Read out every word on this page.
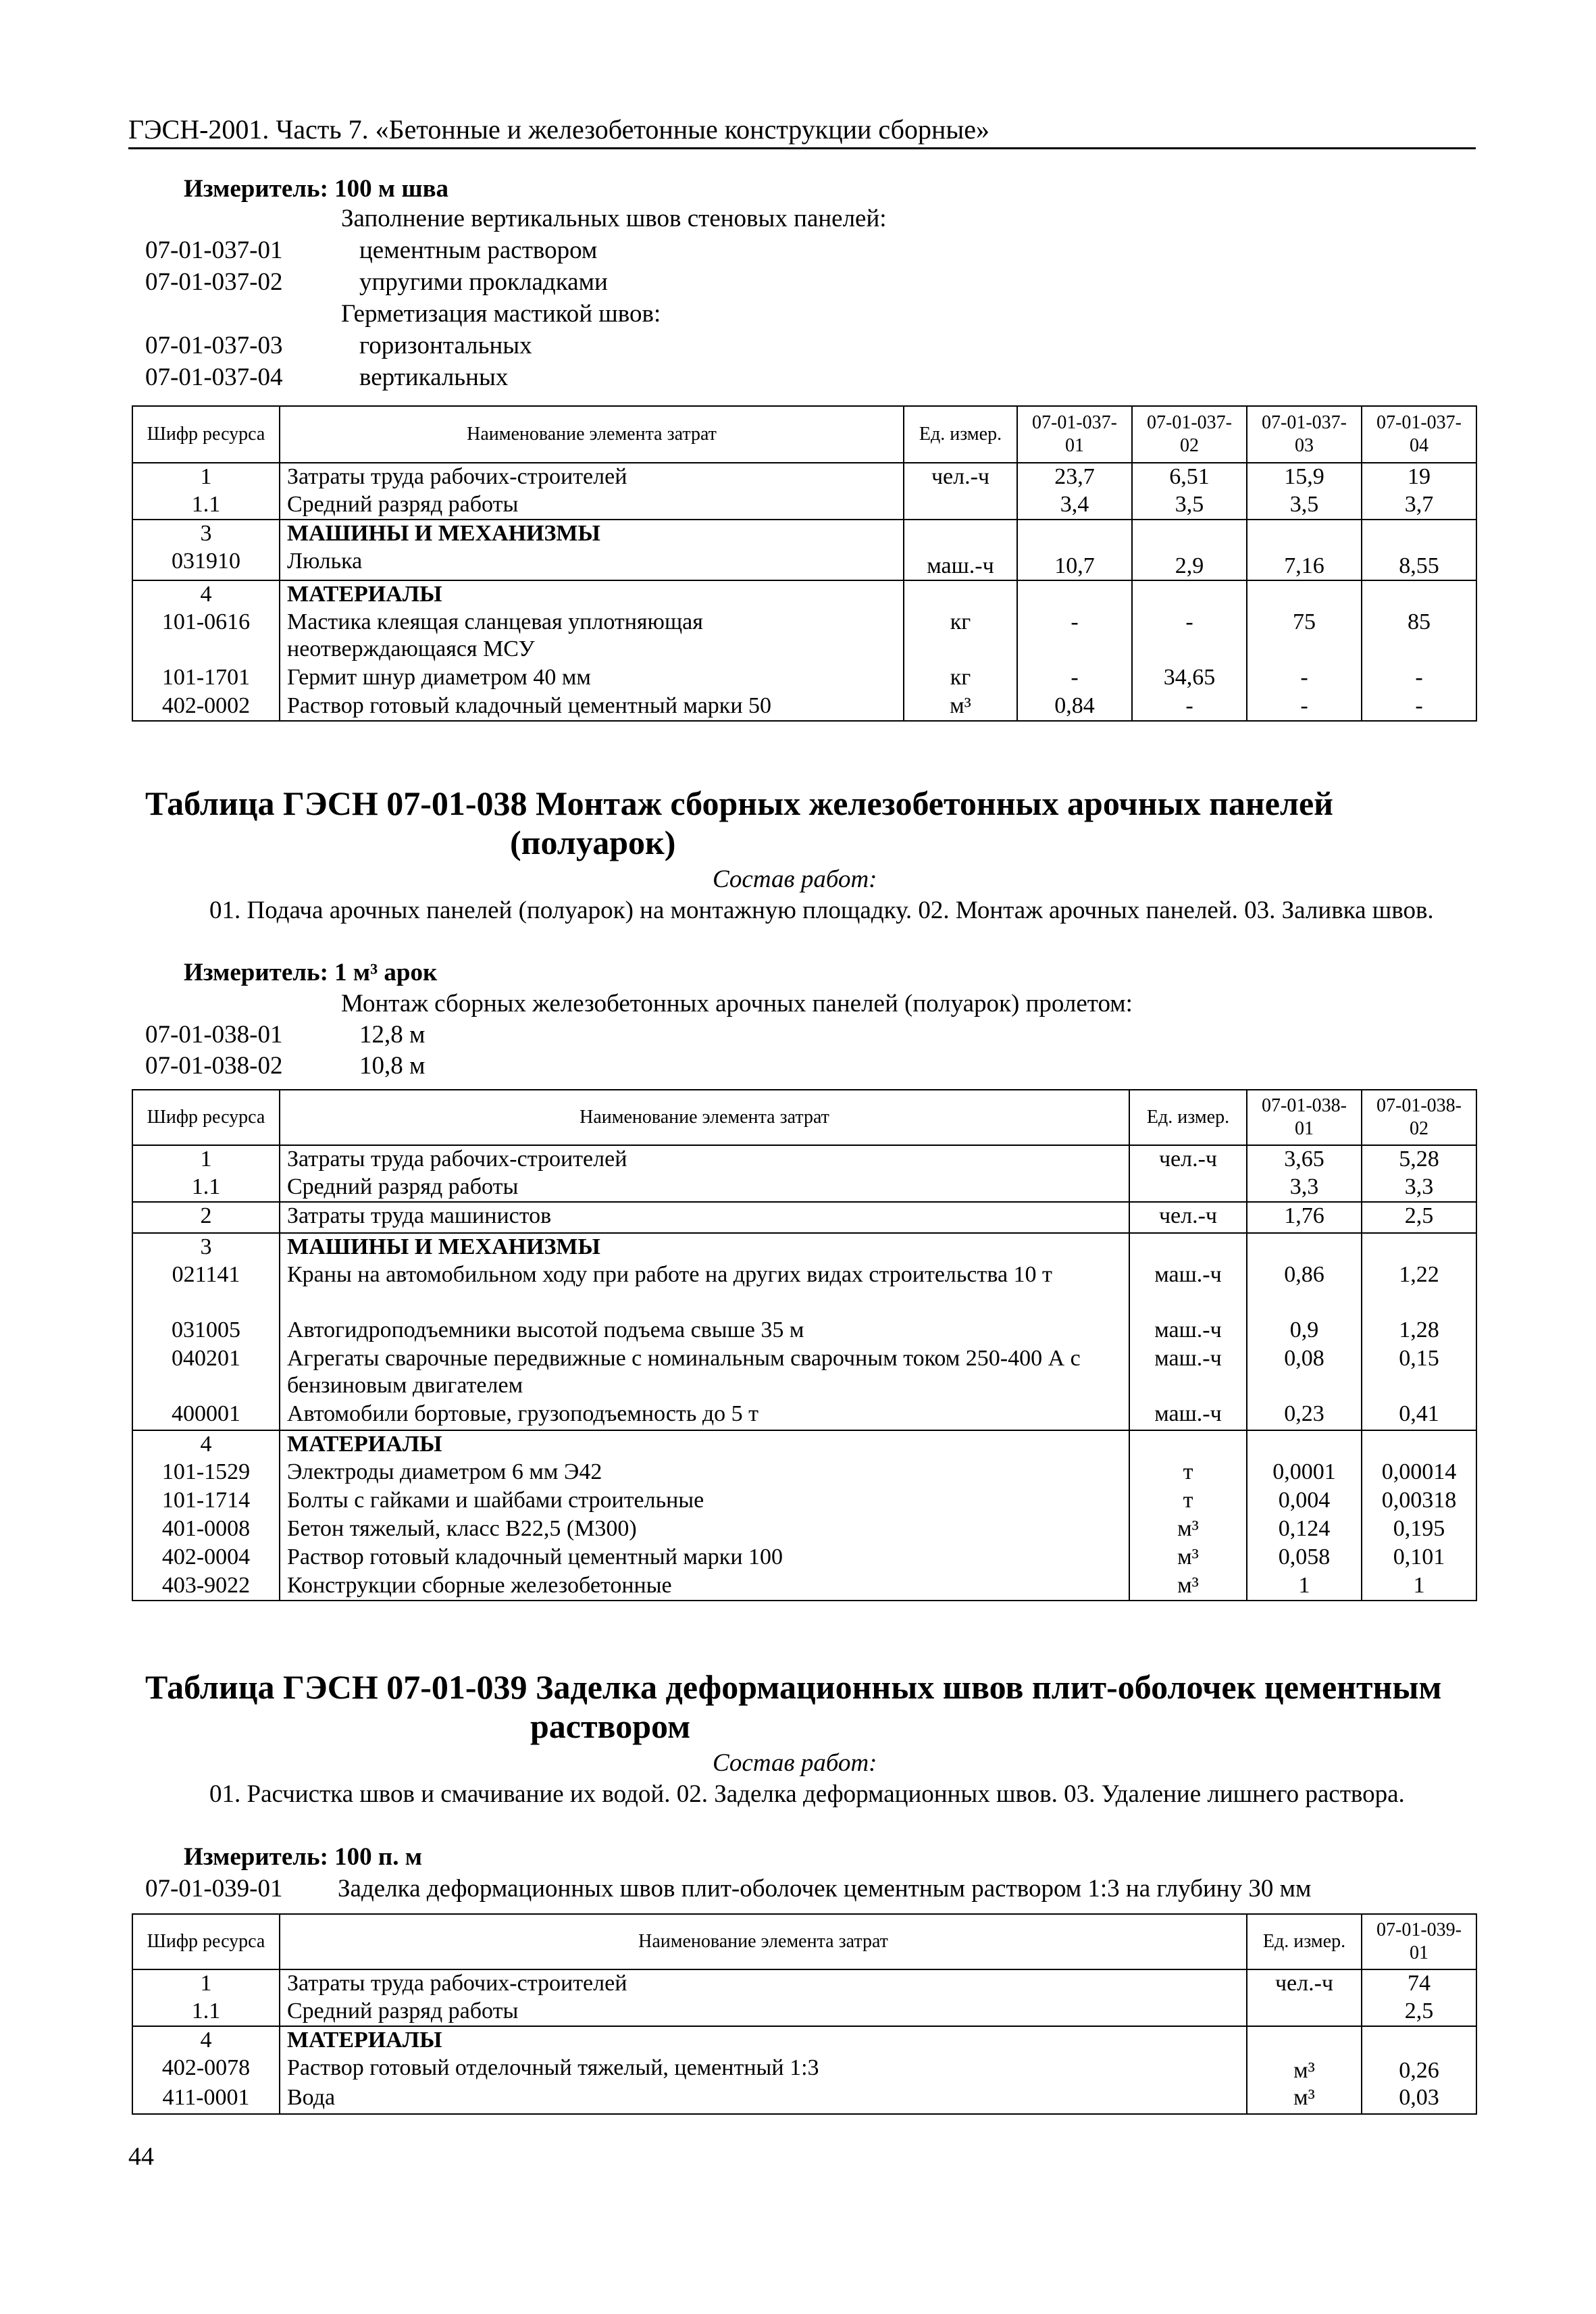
ГЭСН-2001. Часть 7. «Бетонные и железобетонные конструкции сборные»
Измеритель: 100 м шва
Заполнение вертикальных швов стеновых панелей:
07-01-037-01	цементным раствором
07-01-037-02	упругими прокладками
Герметизация мастикой швов:
07-01-037-03	горизонтальных
07-01-037-04	вертикальных
Шифр ресурса	Наименование элемента затрат	Ед. измер.	07-01-037-01	07-01-037-02	07-01-037-03	07-01-037-04
1	Затраты труда рабочих-строителей	чел.-ч	23,7	6,51	15,9	19
1.1	Средний разряд работы		3,4	3,5	3,5	3,7
3	МАШИНЫ И МЕХАНИЗМЫ					
031910	Люлька	маш.-ч	10,7	2,9	7,16	8,55
4	МАТЕРИАЛЫ					
101-0616	Мастика клеящая сланцевая уплотняющая неотверждающаяся МСУ	кг	-	-	75	85
101-1701	Гермит шнур диаметром 40 мм	кг	-	34,65	-	-
402-0002	Раствор готовый кладочный цементный марки 50	м³	0,84	-	-	-
Таблица ГЭСН 07-01-038 Монтаж сборных железобетонных арочных панелей
(полуарок)
Состав работ:
01. Подача арочных панелей (полуарок) на монтажную площадку. 02. Монтаж арочных панелей. 03. Заливка швов.
Измеритель: 1 м³ арок
Монтаж сборных железобетонных арочных панелей (полуарок) пролетом:
07-01-038-01	12,8 м
07-01-038-02	10,8 м
Шифр ресурса	Наименование элемента затрат	Ед. измер.	07-01-038-01	07-01-038-02
1	Затраты труда рабочих-строителей	чел.-ч	3,65	5,28
1.1	Средний разряд работы		3,3	3,3
2	Затраты труда машинистов	чел.-ч	1,76	2,5
3	МАШИНЫ И МЕХАНИЗМЫ			
021141	Краны на автомобильном ходу при работе на других видах строительства 10 т	маш.-ч	0,86	1,22
031005	Автогидроподъемники высотой подъема свыше 35 м	маш.-ч	0,9	1,28
040201	Агрегаты сварочные передвижные с номинальным сварочным током 250-400 А с бензиновым двигателем	маш.-ч	0,08	0,15
400001	Автомобили бортовые, грузоподъемность до 5 т	маш.-ч	0,23	0,41
4	МАТЕРИАЛЫ			
101-1529	Электроды диаметром 6 мм Э42	т	0,0001	0,00014
101-1714	Болты с гайками и шайбами строительные	т	0,004	0,00318
401-0008	Бетон тяжелый, класс В22,5 (М300)	м³	0,124	0,195
402-0004	Раствор готовый кладочный цементный марки 100	м³	0,058	0,101
403-9022	Конструкции сборные железобетонные	м³	1	1
Таблица ГЭСН 07-01-039 Заделка деформационных швов плит-оболочек цементным
раствором
Состав работ:
01. Расчистка швов и смачивание их водой. 02. Заделка деформационных швов. 03. Удаление лишнего раствора.
Измеритель: 100 п. м
07-01-039-01 Заделка деформационных швов плит-оболочек цементным раствором 1:3 на глубину 30 мм
Шифр ресурса	Наименование элемента затрат	Ед. измер.	07-01-039-01
1	Затраты труда рабочих-строителей	чел.-ч	74
1.1	Средний разряд работы		2,5
4	МАТЕРИАЛЫ		
402-0078	Раствор готовый отделочный тяжелый, цементный 1:3	м³	0,26
411-0001	Вода	м³	0,03
44
